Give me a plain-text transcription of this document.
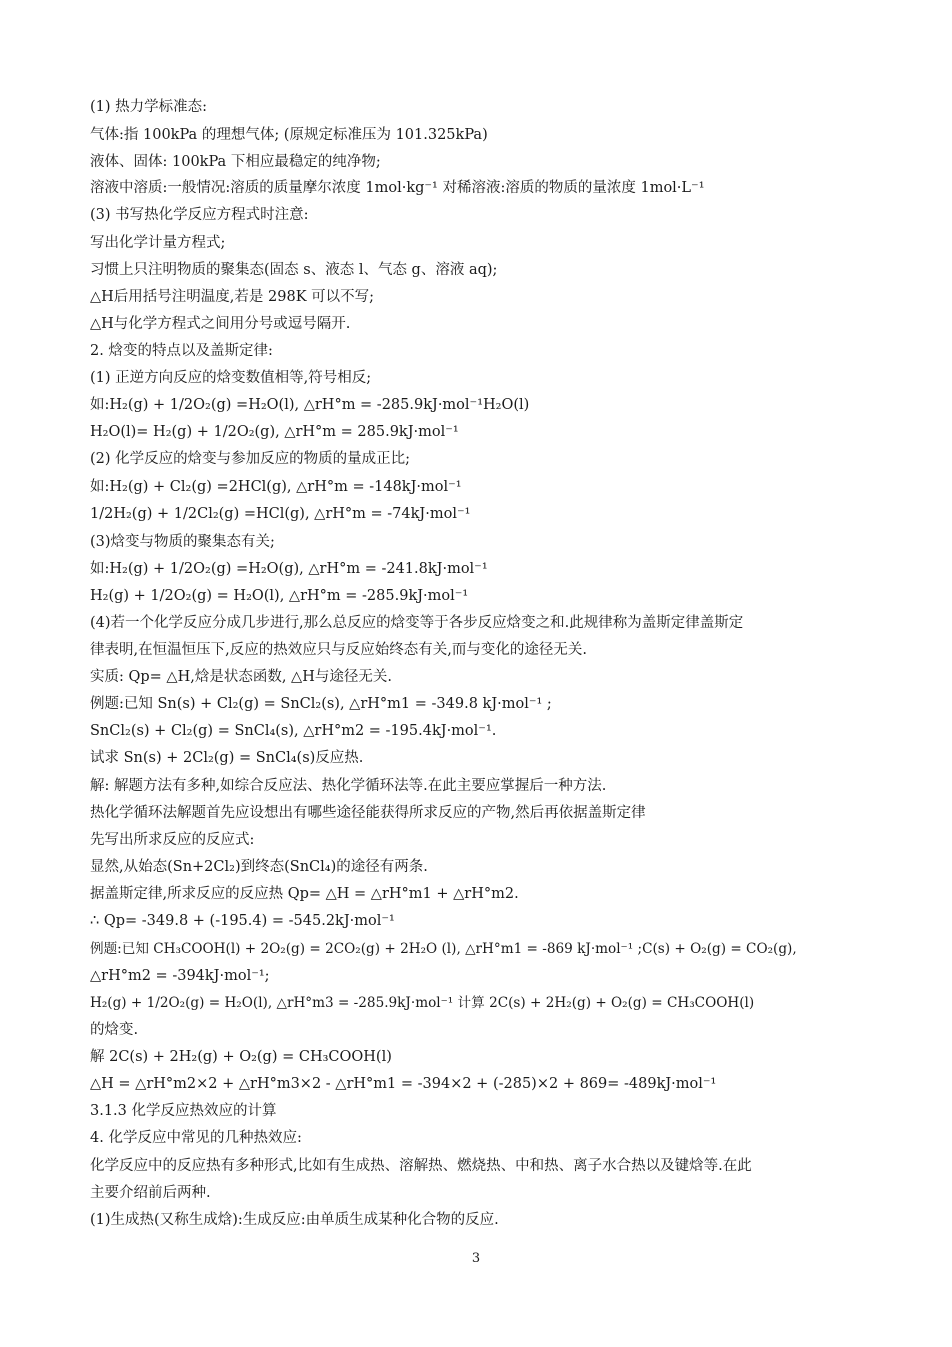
(1) 热力学标准态:
气体:指 100kPa 的理想气体; (原规定标准压为 101.325kPa)
液体、固体: 100kPa 下相应最稳定的纯净物;
溶液中溶质:一般情况:溶质的质量摩尔浓度 1mol·kg⁻¹ 对稀溶液:溶质的物质的量浓度 1mol·L⁻¹
(3) 书写热化学反应方程式时注意:
写出化学计量方程式;
习惯上只注明物质的聚集态(固态 s、液态 l、气态 g、溶液 aq);
△H后用括号注明温度,若是 298K 可以不写;
△H与化学方程式之间用分号或逗号隔开.
2. 焓变的特点以及盖斯定律:
(1) 正逆方向反应的焓变数值相等,符号相反;
如:H₂(g) + 1/2O₂(g) =H₂O(l), △rH°m = -285.9kJ·mol⁻¹H₂O(l)
H₂O(l)= H₂(g) + 1/2O₂(g), △rH°m = 285.9kJ·mol⁻¹
(2) 化学反应的焓变与参加反应的物质的量成正比;
如:H₂(g) + Cl₂(g) =2HCl(g), △rH°m = -148kJ·mol⁻¹
1/2H₂(g) + 1/2Cl₂(g) =HCl(g), △rH°m = -74kJ·mol⁻¹
(3)焓变与物质的聚集态有关;
如:H₂(g) + 1/2O₂(g) =H₂O(g), △rH°m = -241.8kJ·mol⁻¹
H₂(g) + 1/2O₂(g) = H₂O(l), △rH°m = -285.9kJ·mol⁻¹
(4)若一个化学反应分成几步进行,那么总反应的焓变等于各步反应焓变之和.此规律称为盖斯定律盖斯定
律表明,在恒温恒压下,反应的热效应只与反应始终态有关,而与变化的途径无关.
实质: Qp= △H,焓是状态函数, △H与途径无关.
例题:已知 Sn(s) + Cl₂(g) = SnCl₂(s), △rH°m1 = -349.8 kJ·mol⁻¹ ;
SnCl₂(s) + Cl₂(g) = SnCl₄(s), △rH°m2 = -195.4kJ·mol⁻¹.
试求 Sn(s) + 2Cl₂(g) = SnCl₄(s)反应热.
解: 解题方法有多种,如综合反应法、热化学循环法等.在此主要应掌握后一种方法.
热化学循环法解题首先应设想出有哪些途径能获得所求反应的产物,然后再依据盖斯定律
先写出所求反应的反应式:
显然,从始态(Sn+2Cl₂)到终态(SnCl₄)的途径有两条.
据盖斯定律,所求反应的反应热 Qp= △H = △rH°m1 + △rH°m2.
∴ Qp= -349.8 + (-195.4) = -545.2kJ·mol⁻¹
例题:已知 CH₃COOH(l) + 2O₂(g) = 2CO₂(g) + 2H₂O (l), △rH°m1 = -869 kJ·mol⁻¹ ;C(s) + O₂(g) = CO₂(g),
△rH°m2 = -394kJ·mol⁻¹;
H₂(g) + 1/2O₂(g) = H₂O(l), △rH°m3 = -285.9kJ·mol⁻¹ 计算 2C(s) + 2H₂(g) + O₂(g) = CH₃COOH(l)
的焓变.
解 2C(s) + 2H₂(g) + O₂(g) = CH₃COOH(l)
△H = △rH°m2×2 + △rH°m3×2 - △rH°m1 = -394×2 + (-285)×2 + 869= -489kJ·mol⁻¹
3.1.3 化学反应热效应的计算
4. 化学反应中常见的几种热效应:
化学反应中的反应热有多种形式,比如有生成热、溶解热、燃烧热、中和热、离子水合热以及键焓等.在此
主要介绍前后两种.
(1)生成热(又称生成焓):生成反应:由单质生成某种化合物的反应.
3
